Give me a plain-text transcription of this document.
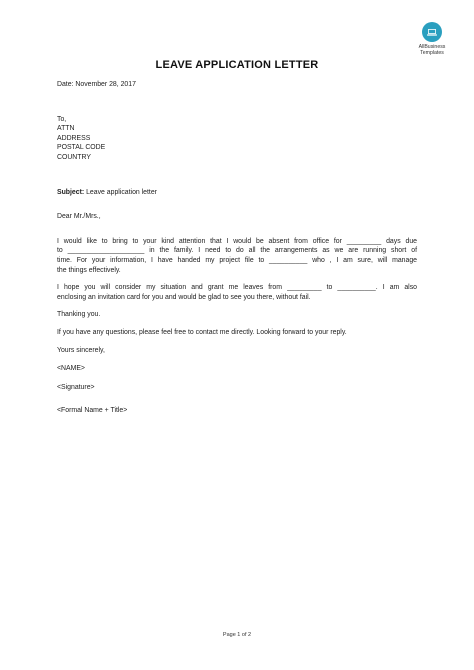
AllBusiness
Templates
LEAVE APPLICATION LETTER
Date: November 28, 2017
To,
ATTN
ADDRESS
POSTAL CODE
COUNTRY
Subject: Leave application letter
Dear Mr./Mrs.,
I would like to bring to your kind attention that I would be absent from office for _________ days due
to ____________________ in the family. I need to do all the arrangements as we are running short of
time. For your information, I have handed my project file to __________ who , I am sure, will manage
the things effectively.
I hope you will consider my situation and grant me leaves from _________ to __________. I am also
enclosing an invitation card for you and would be glad to see you there, without fail.
Thanking you.
If you have any questions, please feel free to contact me directly. Looking forward to your reply.
Yours sincerely,
<NAME>
<Signature>
<Formal Name + Title>
Page 1 of 2
